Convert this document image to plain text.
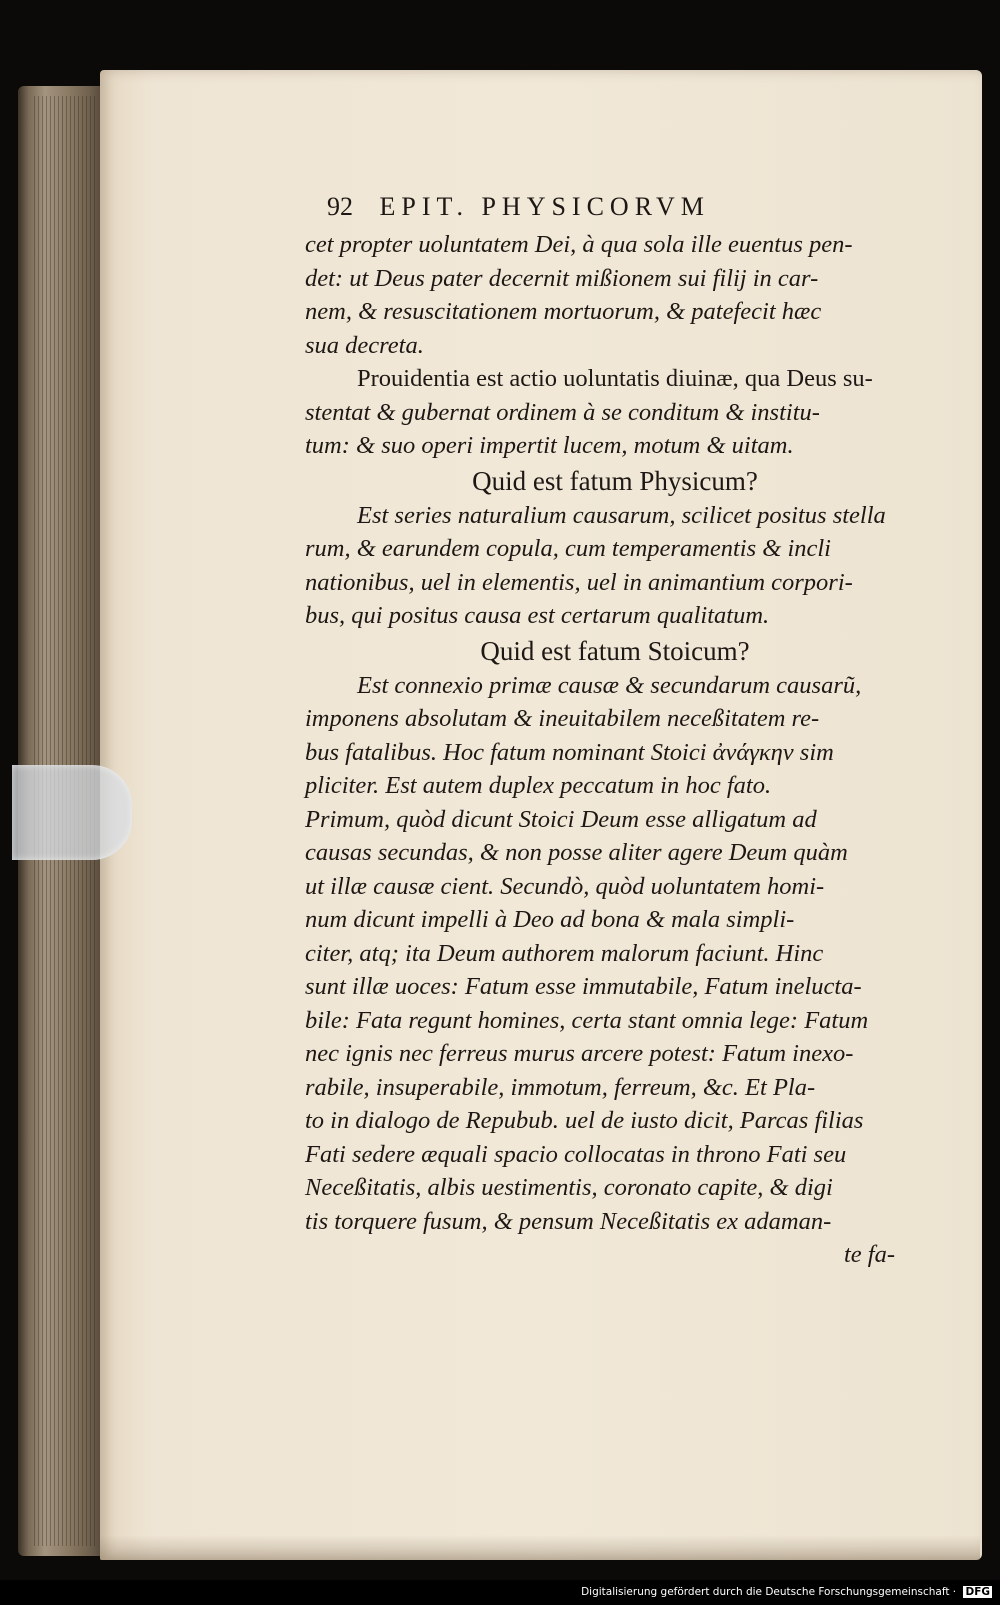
92 EPIT. PHYSICORVM
cet propter uoluntatem Dei, à qua sola ille euentus pen-
det: ut Deus pater decernit mißionem sui filij in car-
nem, & resuscitationem mortuorum, & patefecit hæc
sua decreta.
Prouidentia est actio uoluntatis diuinæ, qua Deus su-
stentat & gubernat ordinem à se conditum & institu-
tum: & suo operi impertit lucem, motum & uitam.
Quid est fatum Physicum?
Est series naturalium causarum, scilicet positus stella
rum, & earundem copula, cum temperamentis & incli
nationibus, uel in elementis, uel in animantium corpori-
bus, qui positus causa est certarum qualitatum.
Quid est fatum Stoicum?
Est connexio primæ causæ & secundarum causarũ,
imponens absolutam & ineuitabilem neceßitatem re-
bus fatalibus. Hoc fatum nominant Stoici ἀνάγκην sim
pliciter. Est autem duplex peccatum in hoc fato.
Primum, quòd dicunt Stoici Deum esse alligatum ad
causas secundas, & non posse aliter agere Deum quàm
ut illæ causæ cient. Secundò, quòd uoluntatem homi-
num dicunt impelli à Deo ad bona & mala simpli-
citer, atq; ita Deum authorem malorum faciunt. Hinc
sunt illæ uoces: Fatum esse immutabile, Fatum inelucta-
bile: Fata regunt homines, certa stant omnia lege: Fatum
nec ignis nec ferreus murus arcere potest: Fatum inexo-
rabile, insuperabile, immotum, ferreum, &c. Et Pla-
to in dialogo de Repubub. uel de iusto dicit, Parcas filias
Fati sedere æquali spacio collocatas in throno Fati seu
Neceßitatis, albis uestimentis, coronato capite, & digi
tis torquere fusum, & pensum Neceßitatis ex adaman-
te fa-
Digitalisierung gefördert durch die Deutsche Forschungsgemeinschaft · DFG
